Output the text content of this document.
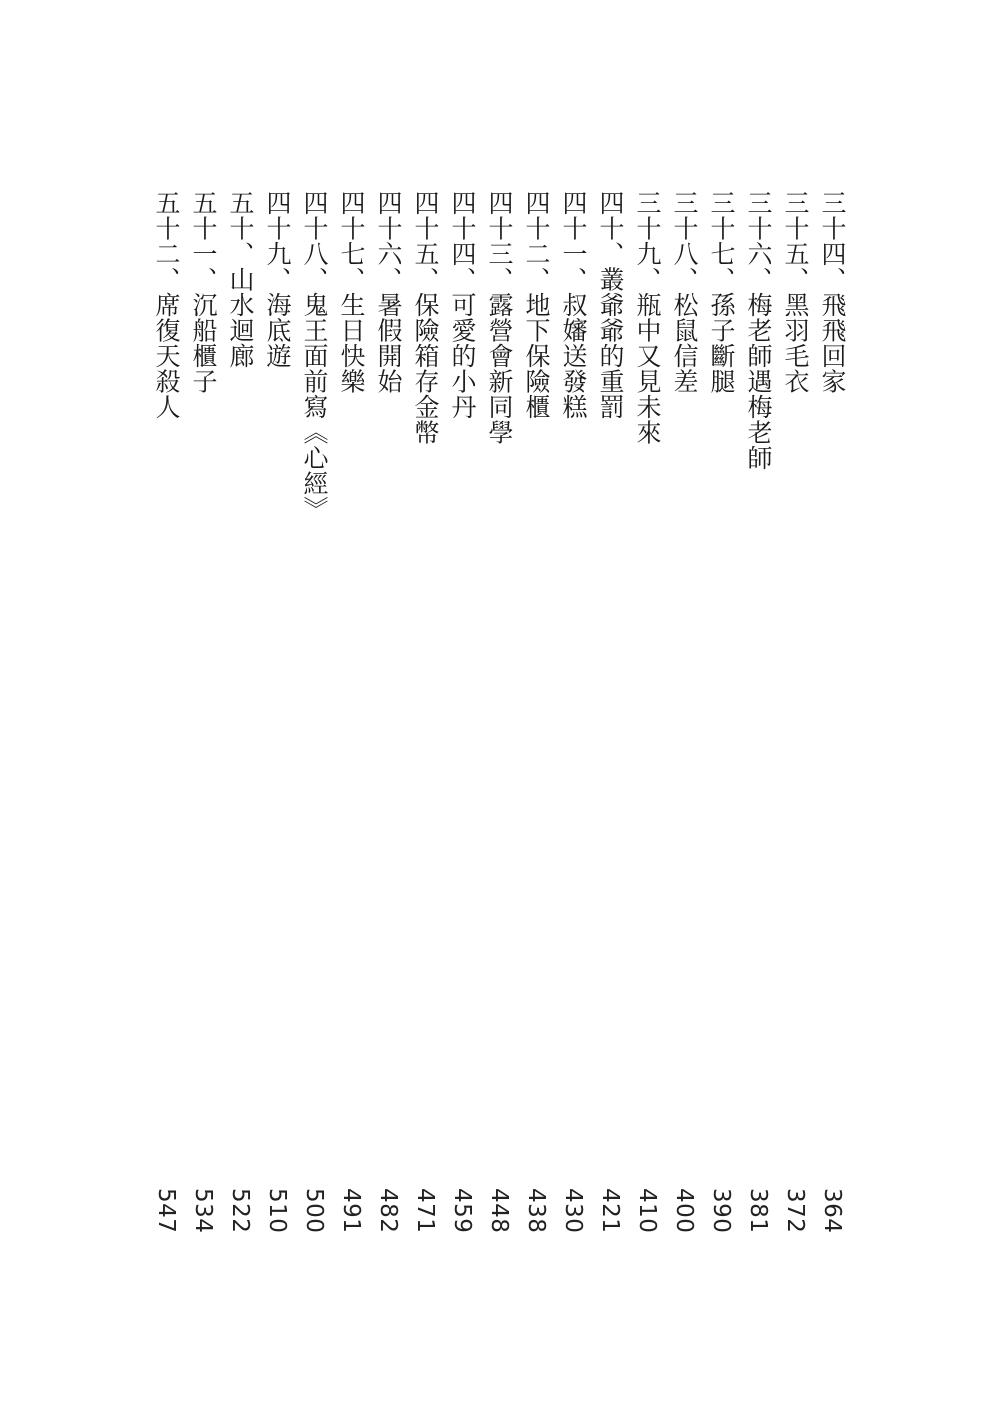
三十四、飛飛回家
364
三十五、黑羽毛衣
372
三十六、梅老師遇梅老師
381
三十七、孫子斷腿
390
三十八、松鼠信差
400
三十九、瓶中又見未來
410
四十、叢爺爺的重罰
421
四十一、叔嬸送發糕
430
四十二、地下保險櫃
438
四十三、露營會新同學
448
四十四、可愛的小丹
459
四十五、保險箱存金幣
471
四十六、暑假開始
482
四十七、生日快樂
491
四十八、鬼王面前寫《心經》
500
四十九、海底遊
510
五十、山水迴廊
522
五十一、沉船櫃子
534
五十二、席復天殺人
547
